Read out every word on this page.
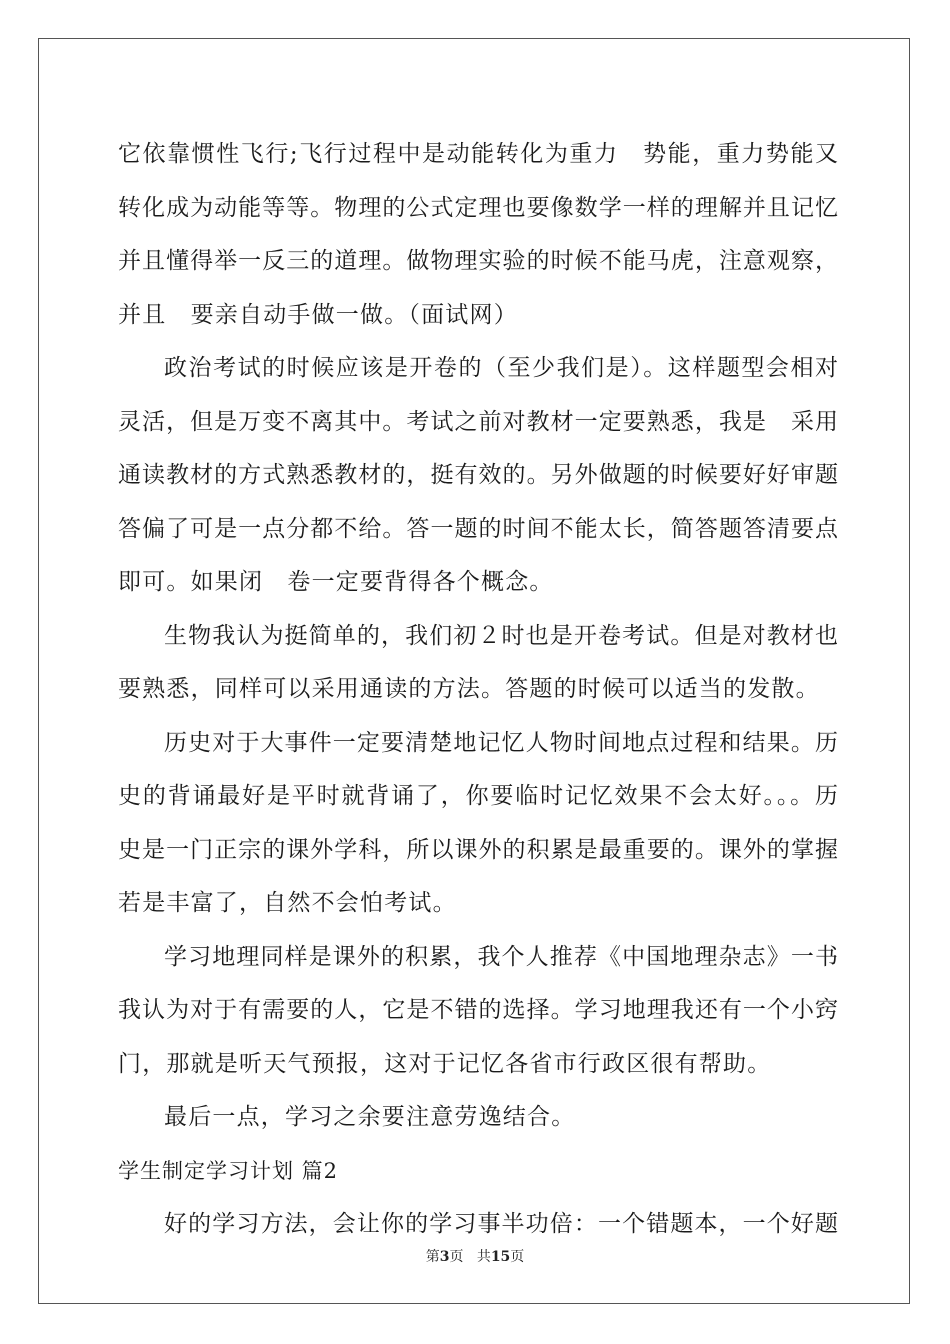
它依靠惯性飞行;飞行过程中是动能转化为重力　势能，重力势能又
转化成为动能等等。物理的公式定理也要像数学一样的理解并且记忆
并且懂得举一反三的道理。做物理实验的时候不能马虎，注意观察，
并且　要亲自动手做一做。（面试网）
政治考试的时候应该是开卷的（至少我们是）。这样题型会相对
灵活，但是万变不离其中。考试之前对教材一定要熟悉，我是　采用
通读教材的方式熟悉教材的，挺有效的。另外做题的时候要好好审题
答偏了可是一点分都不给。答一题的时间不能太长，简答题答清要点
即可。如果闭　卷一定要背得各个概念。
生物我认为挺简单的，我们初２时也是开卷考试。但是对教材也
要熟悉，同样可以采用通读的方法。答题的时候可以适当的发散。
历史对于大事件一定要清楚地记忆人物时间地点过程和结果。历
史的背诵最好是平时就背诵了，你要临时记忆效果不会太好。。。历
史是一门正宗的课外学科，所以课外的积累是最重要的。课外的掌握
若是丰富了，自然不会怕考试。
学习地理同样是课外的积累，我个人推荐《中国地理杂志》一书
我认为对于有需要的人，它是不错的选择。学习地理我还有一个小窍
门，那就是听天气预报，这对于记忆各省市行政区很有帮助。
最后一点，学习之余要注意劳逸结合。
学生制定学习计划 篇2
好的学习方法，会让你的学习事半功倍：一个错题本，一个好题
第3页 共15页
